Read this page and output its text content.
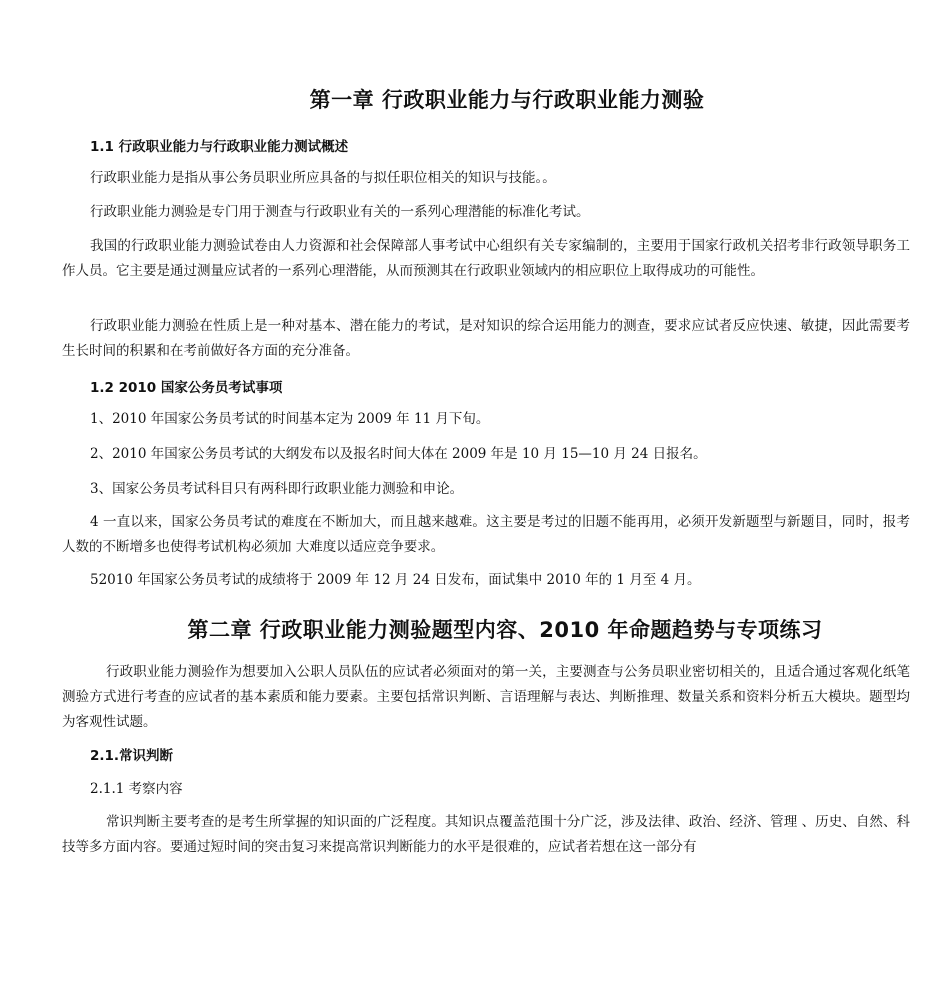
第一章 行政职业能力与行政职业能力测验
1.1 行政职业能力与行政职业能力测试概述
行政职业能力是指从事公务员职业所应具备的与拟任职位相关的知识与技能。。
行政职业能力测验是专门用于测查与行政职业有关的一系列心理潜能的标准化考试。
我国的行政职业能力测验试卷由人力资源和社会保障部人事考试中心组织有关专家编制的，主要用于国家行政机关招考非行政领导职务工作人员。它主要是通过测量应试者的一系列心理潜能，从而预测其在行政职业领域内的相应职位上取得成功的可能性。
行政职业能力测验在性质上是一种对基本、潜在能力的考试，是对知识的综合运用能力的测查，要求应试者反应快速、敏捷，因此需要考生长时间的积累和在考前做好各方面的充分准备。
1.2 2010 国家公务员考试事项
1、2010 年国家公务员考试的时间基本定为 2009 年 11 月下旬。
2、2010 年国家公务员考试的大纲发布以及报名时间大体在 2009 年是 10 月 15—10 月 24 日报名。
3、国家公务员考试科目只有两科即行政职业能力测验和申论。
4 一直以来，国家公务员考试的难度在不断加大，而且越来越难。这主要是考过的旧题不能再用，必须开发新题型与新题目，同时，报考人数的不断增多也使得考试机构必须加 大难度以适应竞争要求。
52010 年国家公务员考试的成绩将于 2009 年 12 月 24 日发布，面试集中 2010 年的 1 月至 4 月。
第二章 行政职业能力测验题型内容、2010 年命题趋势与专项练习
行政职业能力测验作为想要加入公职人员队伍的应试者必须面对的第一关，主要测查与公务员职业密切相关的，且适合通过客观化纸笔测验方式进行考查的应试者的基本素质和能力要素。主要包括常识判断、言语理解与表达、判断推理、数量关系和资料分析五大模块。题型均为客观性试题。
2.1.常识判断
2.1.1 考察内容
常识判断主要考查的是考生所掌握的知识面的广泛程度。其知识点覆盖范围十分广泛，涉及法律、政治、经济、管理 、历史、自然、科技等多方面内容。要通过短时间的突击复习来提高常识判断能力的水平是很难的，应试者若想在这一部分有
